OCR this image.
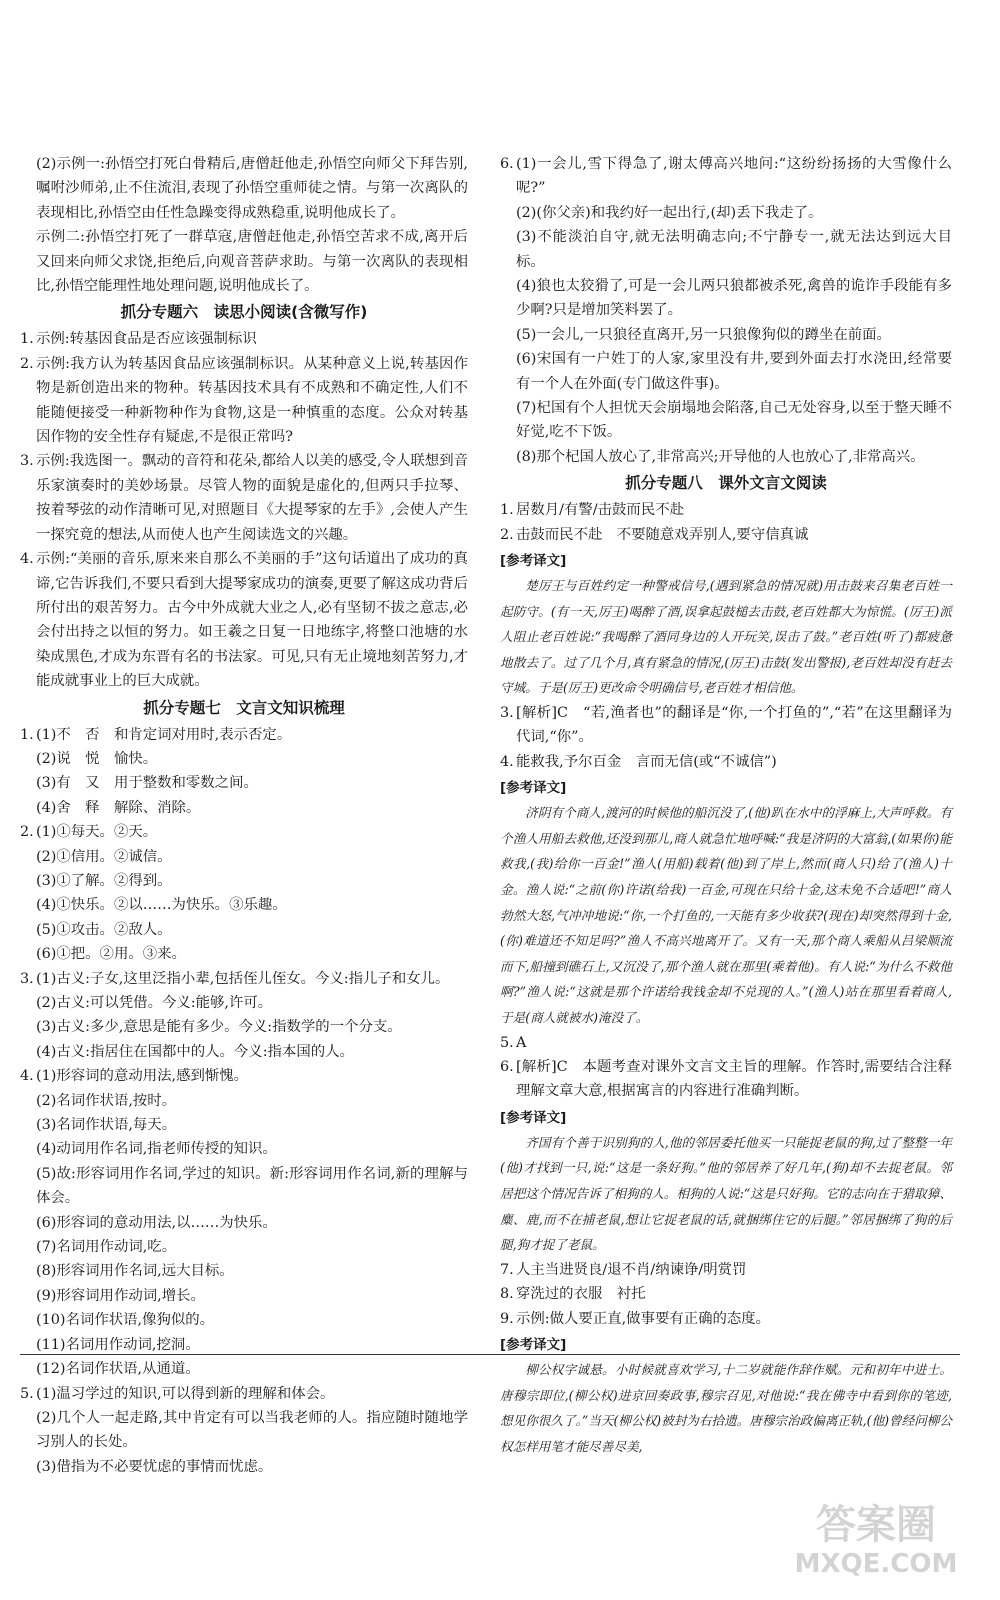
(2)示例一:孙悟空打死白骨精后,唐僧赶他走,孙悟空向师父下拜告别,嘱咐沙师弟,止不住流泪,表现了孙悟空重师徒之情。与第一次离队的表现相比,孙悟空由任性急躁变得成熟稳重,说明他成长了。

示例二:孙悟空打死了一群草寇,唐僧赶他走,孙悟空苦求不成,离开后又回来向师父求饶,拒绝后,向观音菩萨求助。与第一次离队的表现相比,孙悟空能理性地处理问题,说明他成长了。

抓分专题六　读思小阅读(含微写作)
1. 示例:转基因食品是否应该强制标识
2. 示例:我方认为转基因食品应该强制标识。从某种意义上说,转基因作物是新创造出来的物种。转基因技术具有不成熟和不确定性,人们不能随便接受一种新物种作为食物,这是一种慎重的态度。公众对转基因作物的安全性存有疑虑,不是很正常吗?
3. 示例:我选图一。飘动的音符和花朵,都给人以美的感受,令人联想到音乐家演奏时的美妙场景。尽管人物的面貌是虚化的,但两只手拉琴、按着琴弦的动作清晰可见,对照题目《大提琴家的左手》,会使人产生一探究竟的想法,从而使人也产生阅读选文的兴趣。
4. 示例:“美丽的音乐,原来来自那么不美丽的手”这句话道出了成功的真谛,它告诉我们,不要只看到大提琴家成功的演奏,更要了解这成功背后所付出的艰苦努力。古今中外成就大业之人,必有坚韧不拔之意志,必会付出持之以恒的努力。如王羲之日复一日地练字,将整口池塘的水染成黑色,才成为东晋有名的书法家。可见,只有无止境地刻苦努力,才能成就事业上的巨大成就。
抓分专题七　文言文知识梳理
1. (1)不　否　和肯定词对用时,表示否定。
(2)说　悦　愉快。
(3)有　又　用于整数和零数之间。
(4)舍　释　解除、消除。
2. (1)①每天。②天。
(2)①信用。②诚信。
(3)①了解。②得到。
(4)①快乐。②以……为快乐。③乐趣。
(5)①攻击。②敌人。
(6)①把。②用。③来。
3. (1)古义:子女,这里泛指小辈,包括侄儿侄女。今义:指儿子和女儿。
(2)古义:可以凭借。今义:能够,许可。
(3)古义:多少,意思是能有多少。今义:指数学的一个分支。
(4)古义:指居住在国都中的人。今义:指本国的人。
4. (1)形容词的意动用法,感到惭愧。
(2)名词作状语,按时。
(3)名词作状语,每天。
(4)动词用作名词,指老师传授的知识。
(5)故:形容词用作名词,学过的知识。新:形容词用作名词,新的理解与体会。
(6)形容词的意动用法,以……为快乐。
(7)名词用作动词,吃。
(8)形容词用作名词,远大目标。
(9)形容词用作动词,增长。
(10)名词作状语,像狗似的。
(11)名词用作动词,挖洞。
(12)名词作状语,从通道。
5. (1)温习学过的知识,可以得到新的理解和体会。
(2)几个人一起走路,其中肯定有可以当我老师的人。指应随时随地学习别人的长处。
(3)借指为不必要忧虑的事情而忧虑。
6. (1)一会儿,雪下得急了,谢太傅高兴地问:“这纷纷扬扬的大雪像什么呢?”
(2)(你父亲)和我约好一起出行,(却)丢下我走了。
(3)不能淡泊自守,就无法明确志向;不宁静专一,就无法达到远大目标。
(4)狼也太狡猾了,可是一会儿两只狼都被杀死,禽兽的诡诈手段能有多少啊?只是增加笑料罢了。
(5)一会儿,一只狼径直离开,另一只狼像狗似的蹲坐在前面。
(6)宋国有一户姓丁的人家,家里没有井,要到外面去打水浇田,经常要有一个人在外面(专门做这件事)。
(7)杞国有个人担忧天会崩塌地会陷落,自己无处容身,以至于整天睡不好觉,吃不下饭。
(8)那个杞国人放心了,非常高兴;开导他的人也放心了,非常高兴。
抓分专题八　课外文言文阅读
1. 居数月/有警/击鼓而民不赴
2. 击鼓而民不赴　不要随意戏弄别人,要守信真诚
[参考译文]

楚厉王与百姓约定一种警戒信号,(遇到紧急的情况就)用击鼓来召集老百姓一起防守。(有一天,厉王)喝醉了酒,误拿起鼓槌去击鼓,老百姓都大为惊慌。(厉王)派人阻止老百姓说:“我喝醉了酒同身边的人开玩笑,误击了鼓。”老百姓(听了)都疲惫地散去了。过了几个月,真有紧急的情况,(厉王)击鼓(发出警报),老百姓却没有赶去守城。于是(厉王)更改命令明确信号,老百姓才相信他。

3. [解析]C　“若,渔者也”的翻译是“你,一个打鱼的”,“若”在这里翻译为代词,“你”。
4. 能救我,予尔百金　言而无信(或“不诚信”)
[参考译文]

济阴有个商人,渡河的时候他的船沉没了,(他)趴在水中的浮麻上,大声呼救。有个渔人用船去救他,还没到那儿,商人就急忙地呼喊:“我是济阴的大富翁,(如果你)能救我,(我)给你一百金!”渔人(用船)载着(他)到了岸上,然而(商人只)给了(渔人)十金。渔人说:“之前(你)许诺(给我)一百金,可现在只给十金,这未免不合适吧!”商人勃然大怒,气冲冲地说:“你,一个打鱼的,一天能有多少收获?(现在)却突然得到十金,(你)难道还不知足吗?”渔人不高兴地离开了。又有一天,那个商人乘船从吕梁顺流而下,船撞到礁石上,又沉没了,那个渔人就在那里(乘着他)。有人说:“为什么不救他啊?”渔人说:“这就是那个许诺给我钱金却不兑现的人。”(渔人)站在那里看着商人,于是(商人就被水)淹没了。

5. A
6. [解析]C　本题考查对课外文言文主旨的理解。作答时,需要结合注释理解文章大意,根据寓言的内容进行准确判断。
[参考译文]

齐国有个善于识别狗的人,他的邻居委托他买一只能捉老鼠的狗,过了整整一年(他)才找到一只,说:“这是一条好狗。”他的邻居养了好几年,(狗)却不去捉老鼠。邻居把这个情况告诉了相狗的人。相狗的人说:“这是只好狗。它的志向在于猎取獐、麋、鹿,而不在捕老鼠,想让它捉老鼠的话,就捆绑住它的后腿。”邻居捆绑了狗的后腿,狗才捉了老鼠。

7. 人主当进贤良/退不肖/纳谏诤/明赏罚
8. 穿洗过的衣服　衬托
9. 示例:做人要正直,做事要有正确的态度。
[参考译文]

柳公权字诚悬。小时候就喜欢学习,十二岁就能作辞作赋。元和初年中进士。唐穆宗即位,(柳公权)进京回奏政事,穆宗召见,对他说:“我在佛寺中看到你的笔迹,想见你很久了。”当天(柳公权)被封为右拾遗。唐穆宗治政偏离正轨,(他)曾经问柳公权怎样用笔才能尽善尽美,

答案圈
MXQE.COM
